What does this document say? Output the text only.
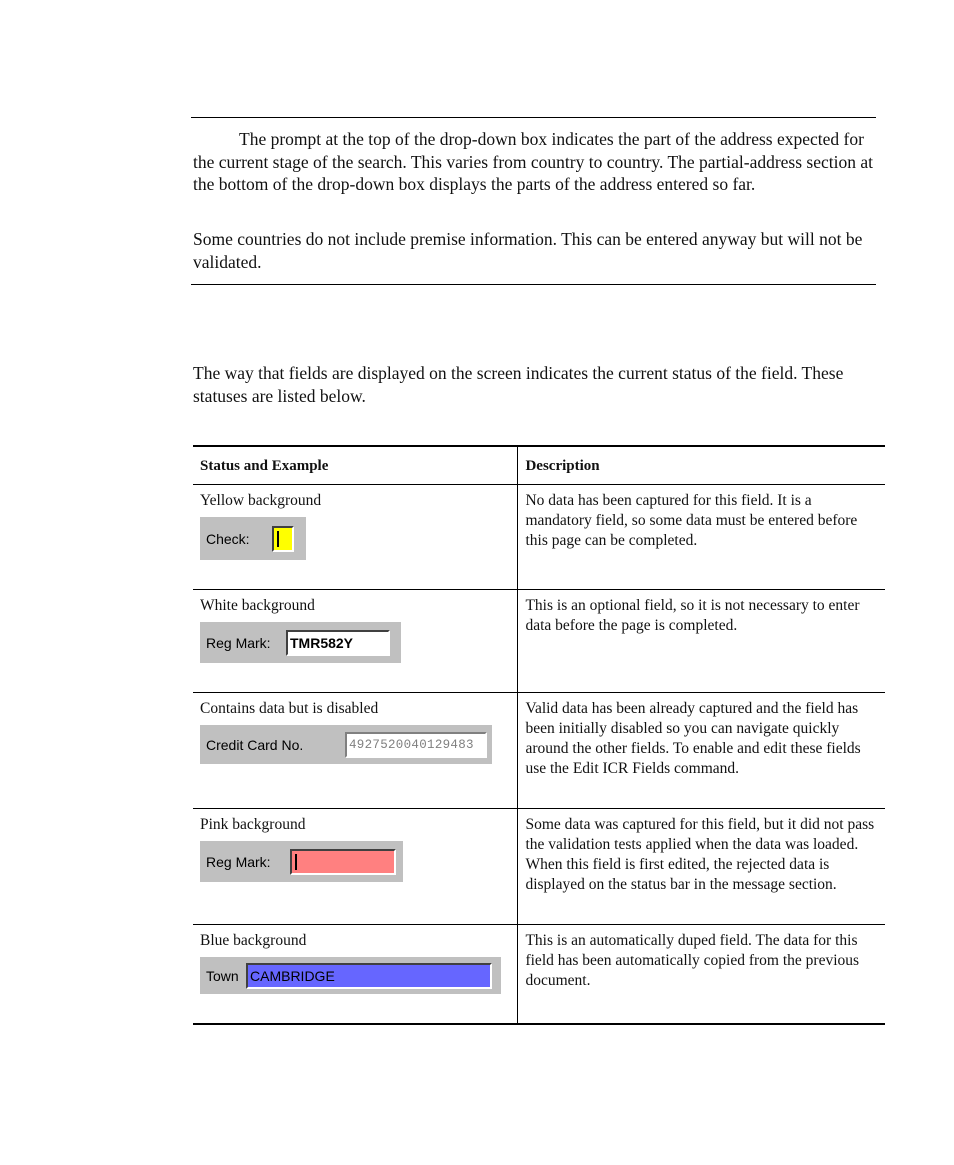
The prompt at the top of the drop-down box indicates the part of the address expected for the current stage of the search. This varies from country to country. The partial-address section at the bottom of the drop-down box displays the parts of the address entered so far.

Some countries do not include premise information. This can be entered anyway but will not be validated.

The way that fields are displayed on the screen indicates the current status of the field. These statuses are listed below.

Status and Example	Description

Yellow background
Check:	No data has been captured for this field. It is a mandatory field, so some data must be entered before this page can be completed.

White background
Reg Mark: TMR582Y	This is an optional field, so it is not necessary to enter data before the page is completed.

Contains data but is disabled
Credit Card No. 4927520040129483	Valid data has been already captured and the field has been initially disabled so you can navigate quickly around the other fields. To enable and edit these fields use the Edit ICR Fields command.

Pink background
Reg Mark:	Some data was captured for this field, but it did not pass the validation tests applied when the data was loaded. When this field is first edited, the rejected data is displayed on the status bar in the message section.

Blue background
Town CAMBRIDGE	This is an automatically duped field. The data for this field has been automatically copied from the previous document.
